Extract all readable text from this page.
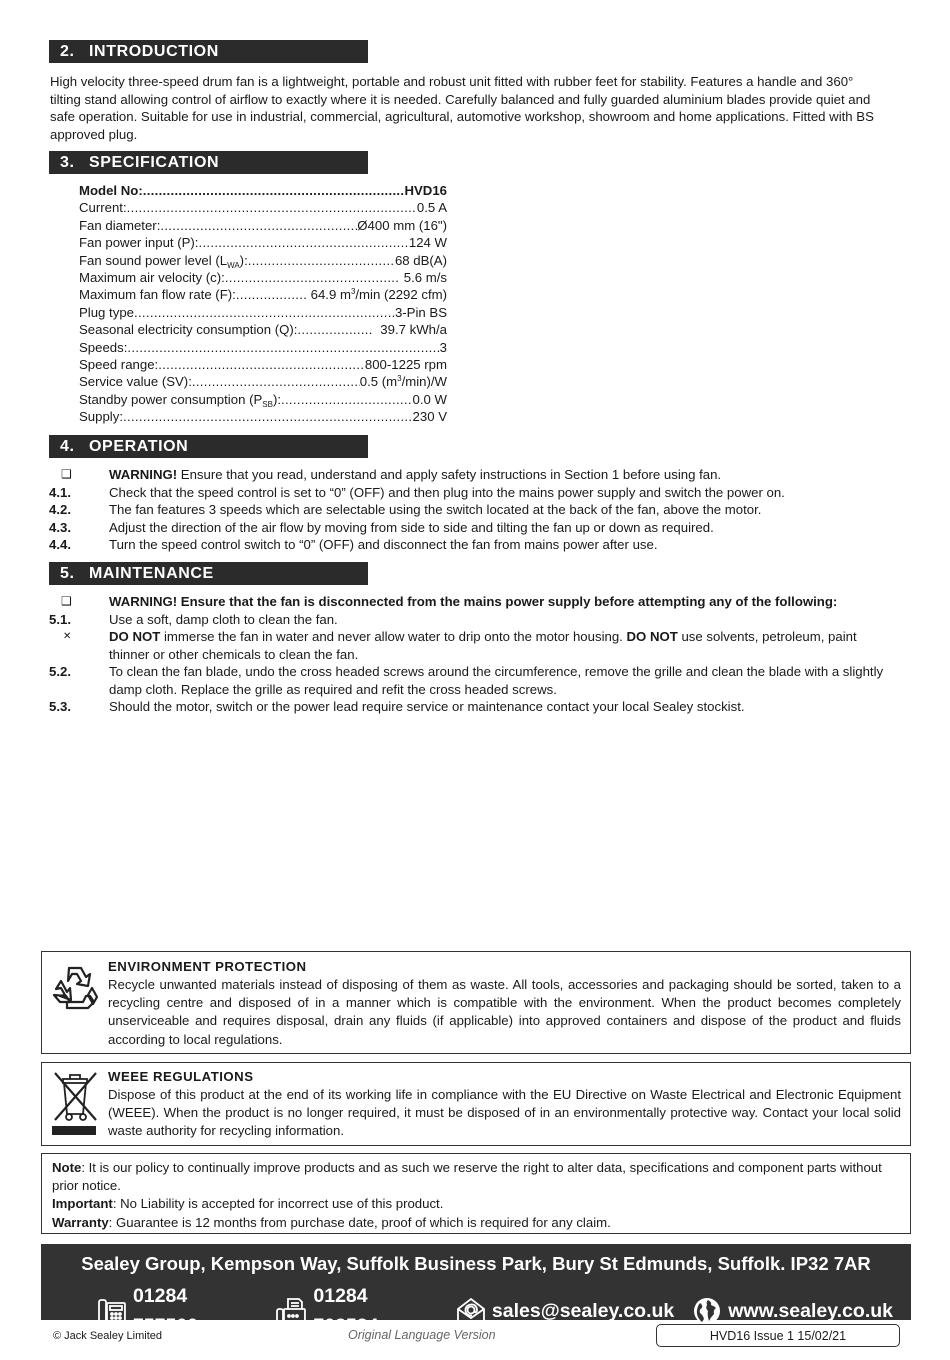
2. INTRODUCTION
High velocity three-speed drum fan is a lightweight, portable and robust unit fitted with rubber feet for stability. Features a handle and 360° tilting stand allowing control of airflow to exactly where it is needed. Carefully balanced and fully guarded aluminium blades provide quiet and safe operation. Suitable for use in industrial, commercial, agricultural, automotive workshop, showroom and home applications. Fitted with BS approved plug.
3. SPECIFICATION
Model No: .....	HVD16
Current: .....	0.5 A
Fan diameter: .....	Ø400 mm (16")
Fan power input (P): .....	124 W
Fan sound power level $(L_{WA})$: .....	68 dB(A)
Maximum air velocity (c): .....	5.6 m/s
Maximum fan flow rate (F): .....	64.9 $m^3/\min$ (2292 cfm)
Plug type .....	3-Pin BS
Seasonal electricity consumption (Q): .....	39.7 kWh/a
Speeds: .....	3
Speed range: .....	800-1225 rpm
Service value (SV): .....	0.5 $(m^3/\min)/W$
Standby power consumption $(P_{SB})$: .....	0.0 W
Supply: .....	230 V
4. OPERATION
❑	WARNING! Ensure that you read, understand and apply safety instructions in Section 1 before using fan.
4.1.	Check that the speed control is set to “0” (OFF) and then plug into the mains power supply and switch the power on.
4.2.	The fan features 3 speeds which are selectable using the switch located at the back of the fan, above the motor.
4.3.	Adjust the direction of the air flow by moving from side to side and tilting the fan up or down as required.
4.4.	Turn the speed control switch to “0” (OFF) and disconnect the fan from mains power after use.
5. MAINTENANCE
❑	WARNING! Ensure that the fan is disconnected from the mains power supply before attempting any of the following:
5.1.	Use a soft, damp cloth to clean the fan.
✕	DO NOT immerse the fan in water and never allow water to drip onto the motor housing. DO NOT use solvents, petroleum, paint thinner or other chemicals to clean the fan.
5.2.	To clean the fan blade, undo the cross headed screws around the circumference, remove the grille and clean the blade with a slightly damp cloth. Replace the grille as required and refit the cross headed screws.
5.3.	Should the motor, switch or the power lead require service or maintenance contact your local Sealey stockist.
ENVIRONMENT PROTECTION
Recycle unwanted materials instead of disposing of them as waste. All tools, accessories and packaging should be sorted, taken to a recycling centre and disposed of in a manner which is compatible with the environment. When the product becomes completely unserviceable and requires disposal, drain any fluids (if applicable) into approved containers and dispose of the product and fluids according to local regulations.
WEEE REGULATIONS
Dispose of this product at the end of its working life in compliance with the EU Directive on Waste Electrical and Electronic Equipment (WEEE). When the product is no longer required, it must be disposed of in an environmentally protective way. Contact your local solid waste authority for recycling information.
Note: It is our policy to continually improve products and as such we reserve the right to alter data, specifications and component parts without prior notice.
Important: No Liability is accepted for incorrect use of this product.
Warranty: Guarantee is 12 months from purchase date, proof of which is required for any claim.
Sealey Group, Kempson Way, Suffolk Business Park, Bury St Edmunds, Suffolk. IP32 7AR
01284 757500
01284 703534
sales@sealey.co.uk	www.sealey.co.uk
© Jack Sealey Limited	Original Language Version	HVD16 Issue 1 15/02/21
